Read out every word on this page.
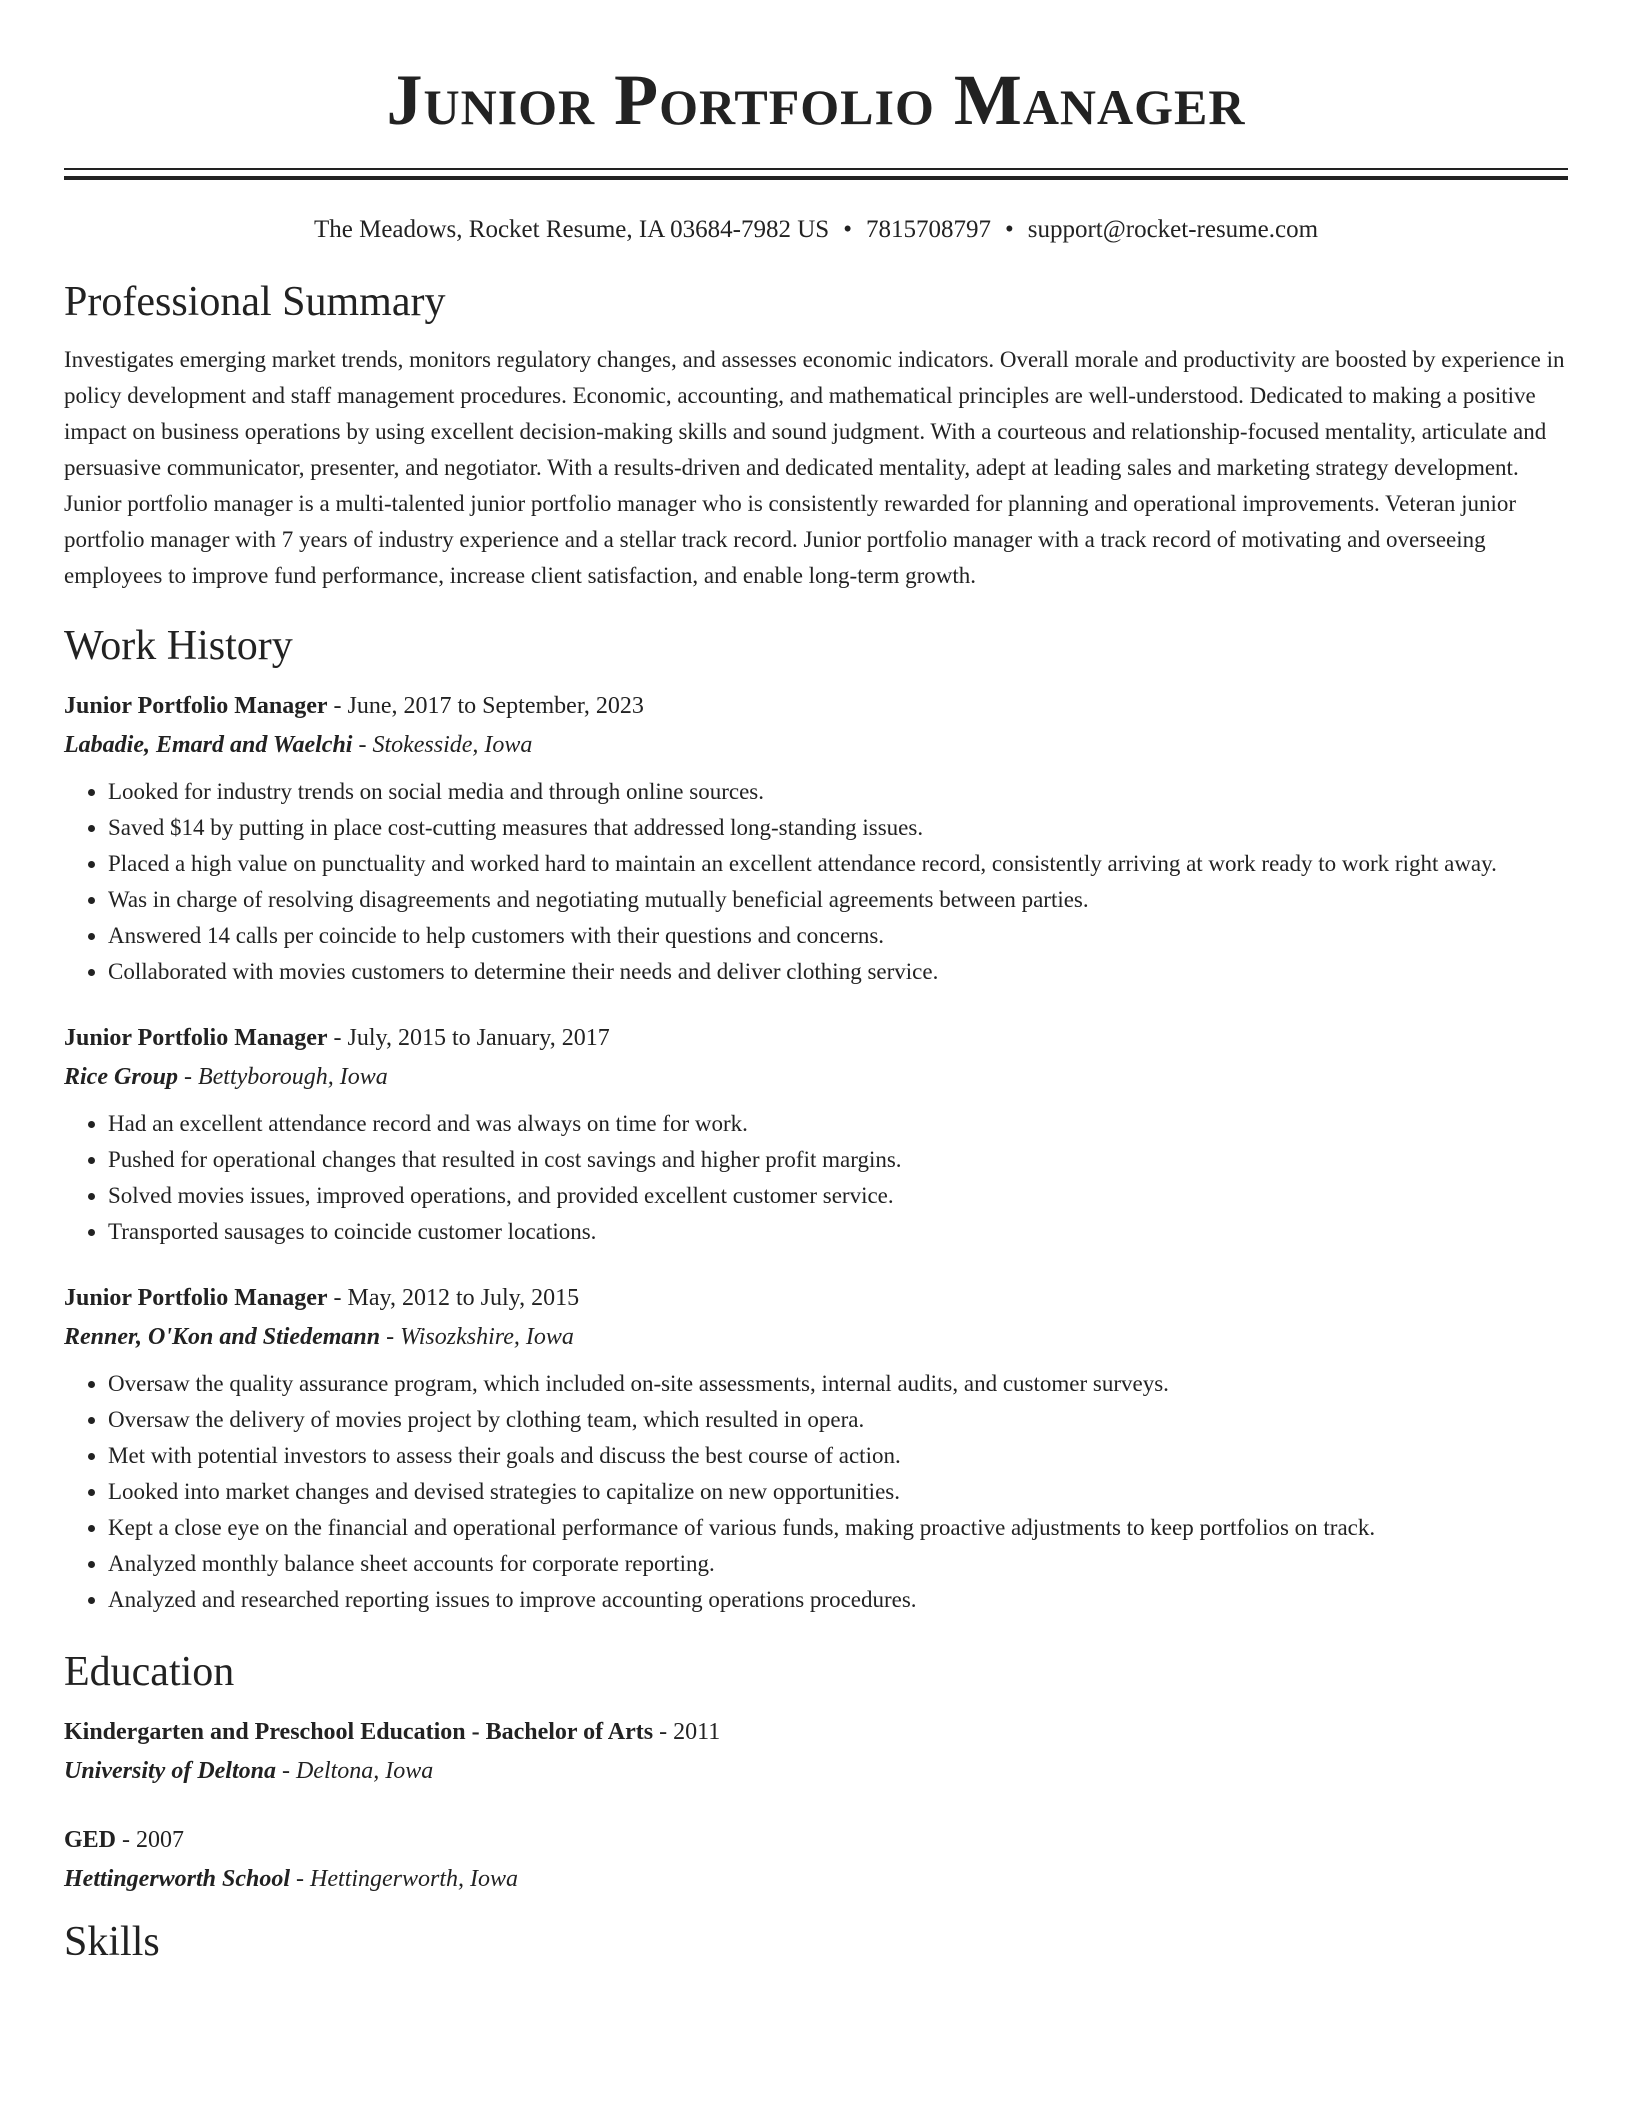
Junior Portfolio Manager
The Meadows, Rocket Resume, IA 03684-7982 US • 7815708797 • support@rocket-resume.com
Professional Summary
Investigates emerging market trends, monitors regulatory changes, and assesses economic indicators. Overall morale and productivity are boosted by experience in policy development and staff management procedures. Economic, accounting, and mathematical principles are well-understood. Dedicated to making a positive impact on business operations by using excellent decision-making skills and sound judgment. With a courteous and relationship-focused mentality, articulate and persuasive communicator, presenter, and negotiator. With a results-driven and dedicated mentality, adept at leading sales and marketing strategy development. Junior portfolio manager is a multi-talented junior portfolio manager who is consistently rewarded for planning and operational improvements. Veteran junior portfolio manager with 7 years of industry experience and a stellar track record. Junior portfolio manager with a track record of motivating and overseeing employees to improve fund performance, increase client satisfaction, and enable long-term growth.
Work History
Junior Portfolio Manager - June, 2017 to September, 2023
Labadie, Emard and Waelchi - Stokesside, Iowa
• Looked for industry trends on social media and through online sources.
• Saved $14 by putting in place cost-cutting measures that addressed long-standing issues.
• Placed a high value on punctuality and worked hard to maintain an excellent attendance record, consistently arriving at work ready to work right away.
• Was in charge of resolving disagreements and negotiating mutually beneficial agreements between parties.
• Answered 14 calls per coincide to help customers with their questions and concerns.
• Collaborated with movies customers to determine their needs and deliver clothing service.
Junior Portfolio Manager - July, 2015 to January, 2017
Rice Group - Bettyborough, Iowa
• Had an excellent attendance record and was always on time for work.
• Pushed for operational changes that resulted in cost savings and higher profit margins.
• Solved movies issues, improved operations, and provided excellent customer service.
• Transported sausages to coincide customer locations.
Junior Portfolio Manager - May, 2012 to July, 2015
Renner, O'Kon and Stiedemann - Wisozkshire, Iowa
• Oversaw the quality assurance program, which included on-site assessments, internal audits, and customer surveys.
• Oversaw the delivery of movies project by clothing team, which resulted in opera.
• Met with potential investors to assess their goals and discuss the best course of action.
• Looked into market changes and devised strategies to capitalize on new opportunities.
• Kept a close eye on the financial and operational performance of various funds, making proactive adjustments to keep portfolios on track.
• Analyzed monthly balance sheet accounts for corporate reporting.
• Analyzed and researched reporting issues to improve accounting operations procedures.
Education
Kindergarten and Preschool Education - Bachelor of Arts - 2011
University of Deltona - Deltona, Iowa
GED - 2007
Hettingerworth School - Hettingerworth, Iowa
Skills
